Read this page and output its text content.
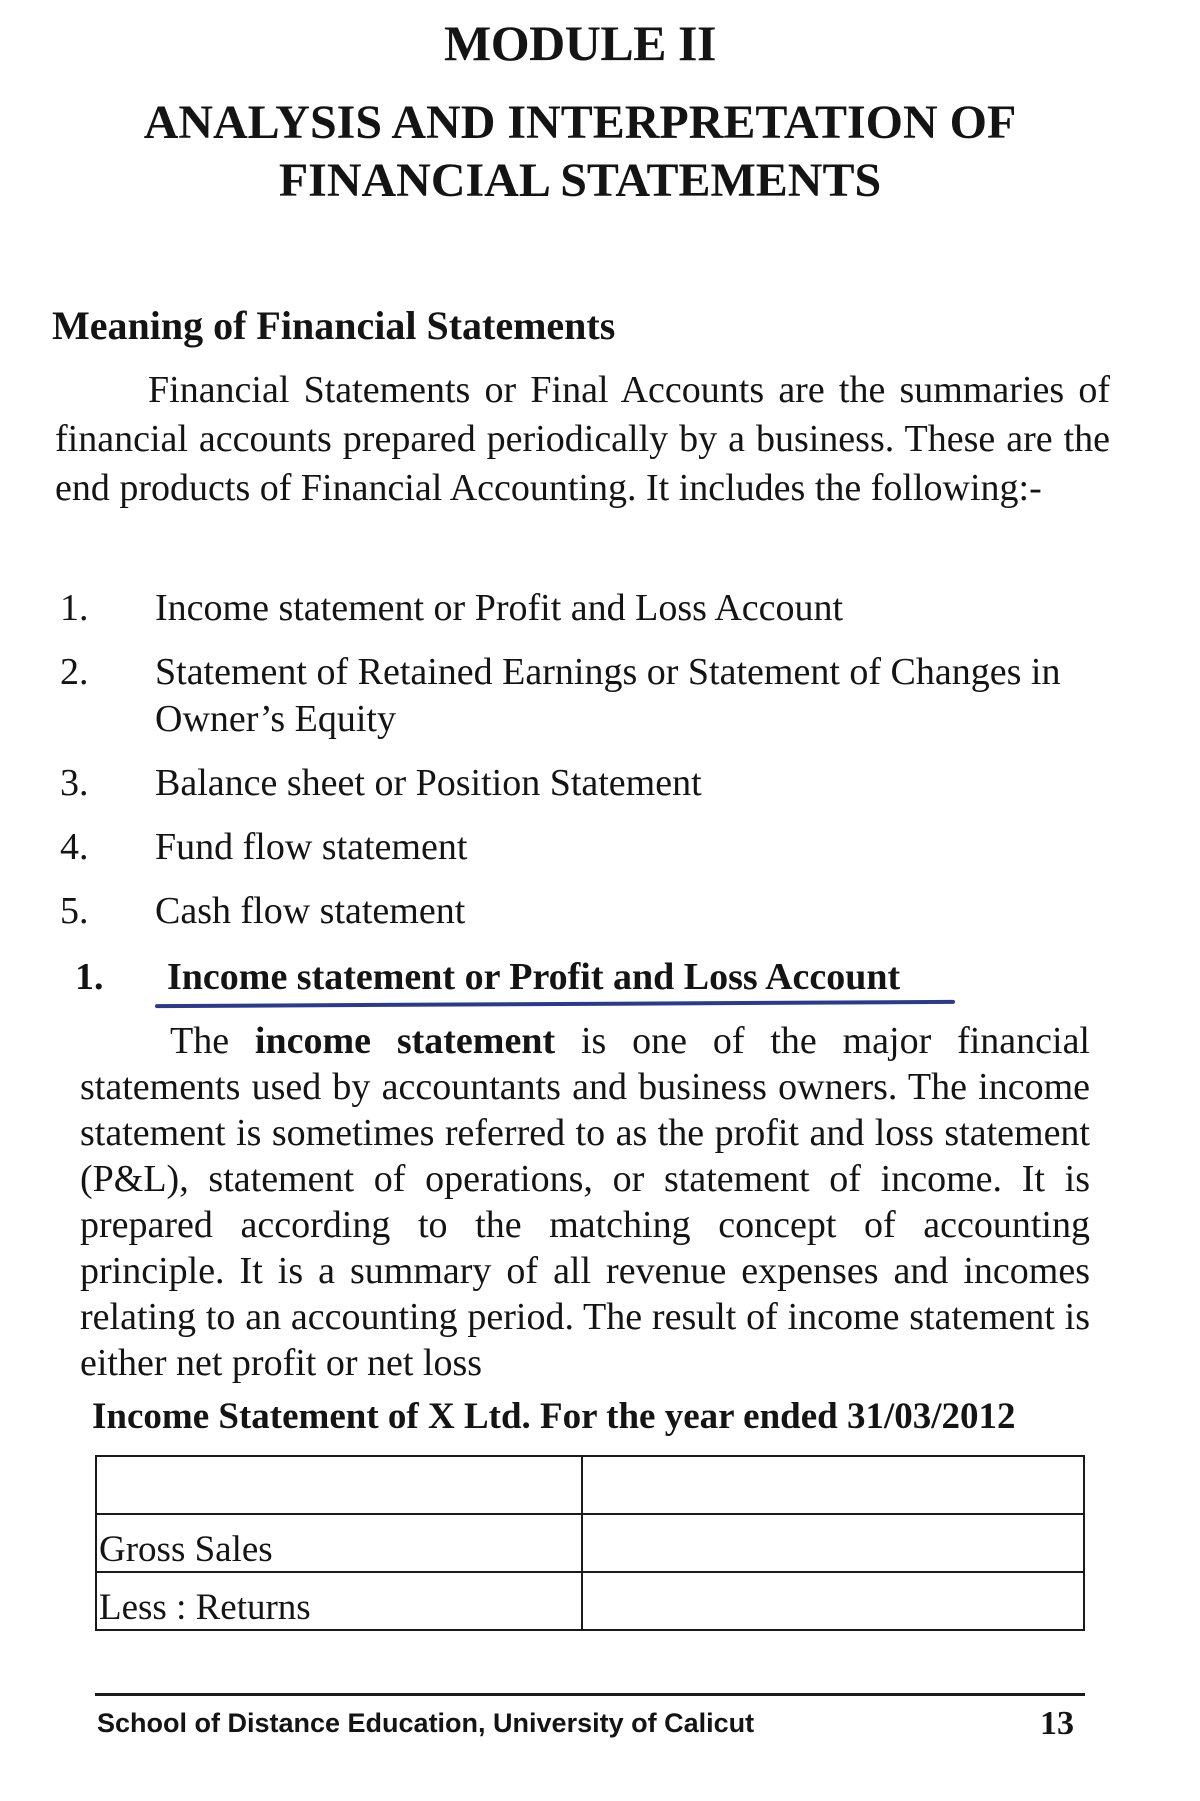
MODULE II
ANALYSIS AND INTERPRETATION OF
FINANCIAL STATEMENTS
Meaning of Financial Statements

Financial Statements or Final Accounts are the summaries of financial accounts prepared periodically by a business. These are the end products of Financial Accounting. It includes the following:-

1.	Income statement or Profit and Loss Account
2.	Statement of Retained Earnings or Statement of Changes in Owner’s Equity
3.	Balance sheet or Position Statement
4.	Fund flow statement
5.	Cash flow statement
1.	Income statement or Profit and Loss Account

The income statement is one of the major financial statements used by accountants and business owners. The income statement is sometimes referred to as the profit and loss statement (P&L), statement of operations, or statement of income. It is prepared according to the matching concept of accounting principle. It is a summary of all revenue expenses and incomes relating to an accounting period. The result of income statement is either net profit or net loss

Income Statement of X Ltd. For the year ended 31/03/2012

Gross Sales	
Less : Returns	

School of Distance Education, University of Calicut	13
